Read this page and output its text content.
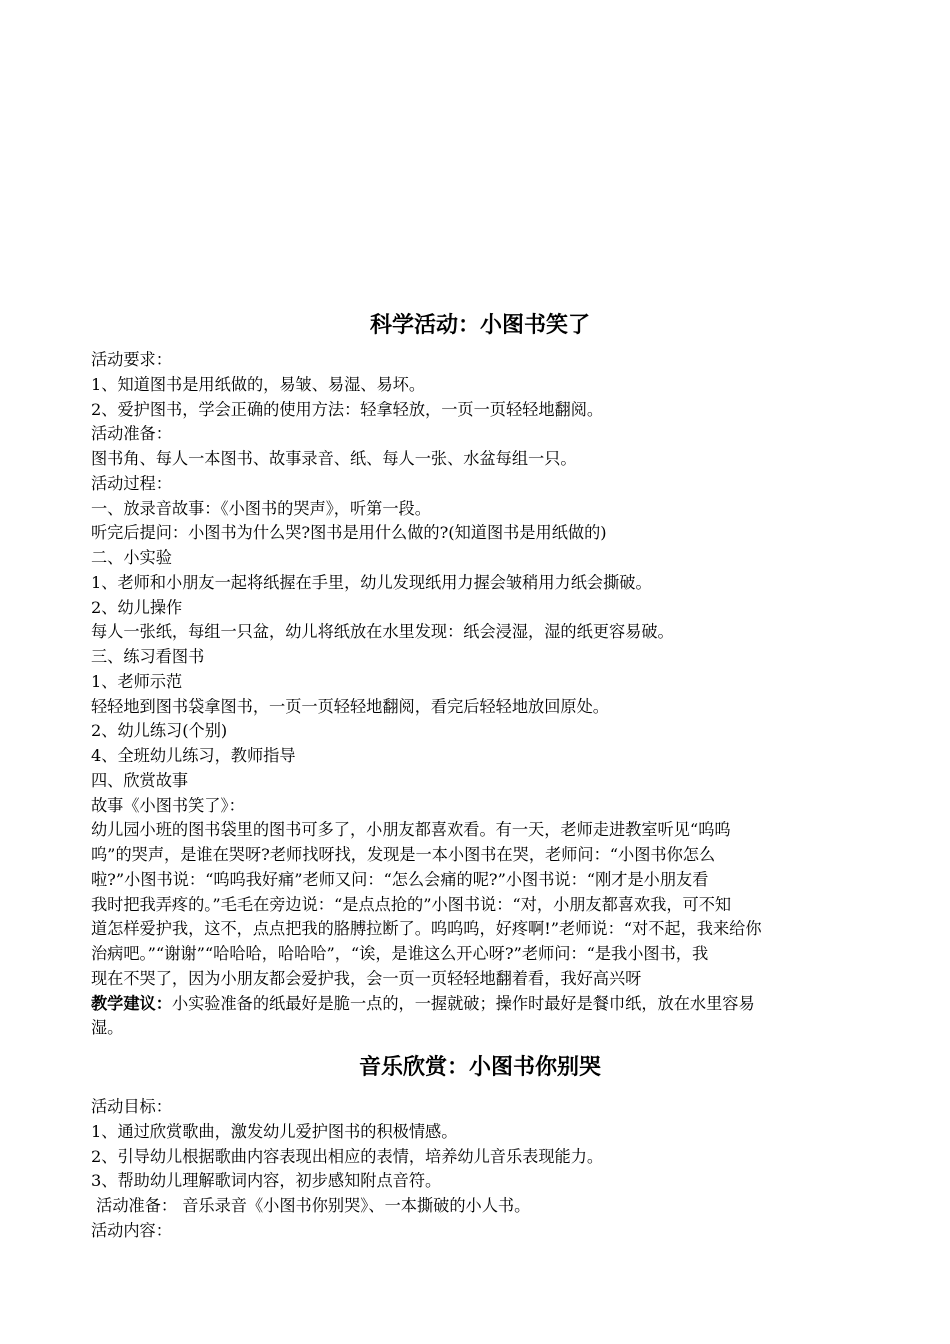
科学活动：小图书笑了

活动要求：

1、知道图书是用纸做的，易皱、易湿、易坏。

2、爱护图书，学会正确的使用方法：轻拿轻放，一页一页轻轻地翻阅。

活动准备：

图书角、每人一本图书、故事录音、纸、每人一张、水盆每组一只。

活动过程：

一、放录音故事：《小图书的哭声》，听第一段。

听完后提问：小图书为什么哭?图书是用什么做的?(知道图书是用纸做的)

二、小实验

1、老师和小朋友一起将纸握在手里，幼儿发现纸用力握会皱稍用力纸会撕破。

2、幼儿操作

每人一张纸，每组一只盆，幼儿将纸放在水里发现：纸会浸湿，湿的纸更容易破。

三、练习看图书

1、老师示范

轻轻地到图书袋拿图书，一页一页轻轻地翻阅，看完后轻轻地放回原处。

2、幼儿练习(个别)

4、全班幼儿练习，教师指导

四、欣赏故事

故事《小图书笑了》：

幼儿园小班的图书袋里的图书可多了，小朋友都喜欢看。有一天，老师走进教室听见“呜呜

呜”的哭声，是谁在哭呀?老师找呀找，发现是一本小图书在哭，老师问：“小图书你怎么

啦?”小图书说：“呜呜我好痛”老师又问：“怎么会痛的呢?”小图书说：“刚才是小朋友看

我时把我弄疼的。”毛毛在旁边说：“是点点抢的”小图书说：“对，小朋友都喜欢我，可不知

道怎样爱护我，这不，点点把我的胳膊拉断了。呜呜呜，好疼啊!”老师说：“对不起，我来给你

治病吧。”“谢谢”“哈哈哈，哈哈哈”，“诶，是谁这么开心呀?”老师问：“是我小图书，我

现在不哭了，因为小朋友都会爱护我，会一页一页轻轻地翻着看，我好高兴呀

教学建议：小实验准备的纸最好是脆一点的，一握就破；操作时最好是餐巾纸，放在水里容易

湿。

音乐欣赏：小图书你别哭

活动目标：

1、通过欣赏歌曲，激发幼儿爱护图书的积极情感。

2、引导幼儿根据歌曲内容表现出相应的表情，培养幼儿音乐表现能力。

3、帮助幼儿理解歌词内容，初步感知附点音符。

活动准备： 音乐录音《小图书你别哭》、一本撕破的小人书。

活动内容：
